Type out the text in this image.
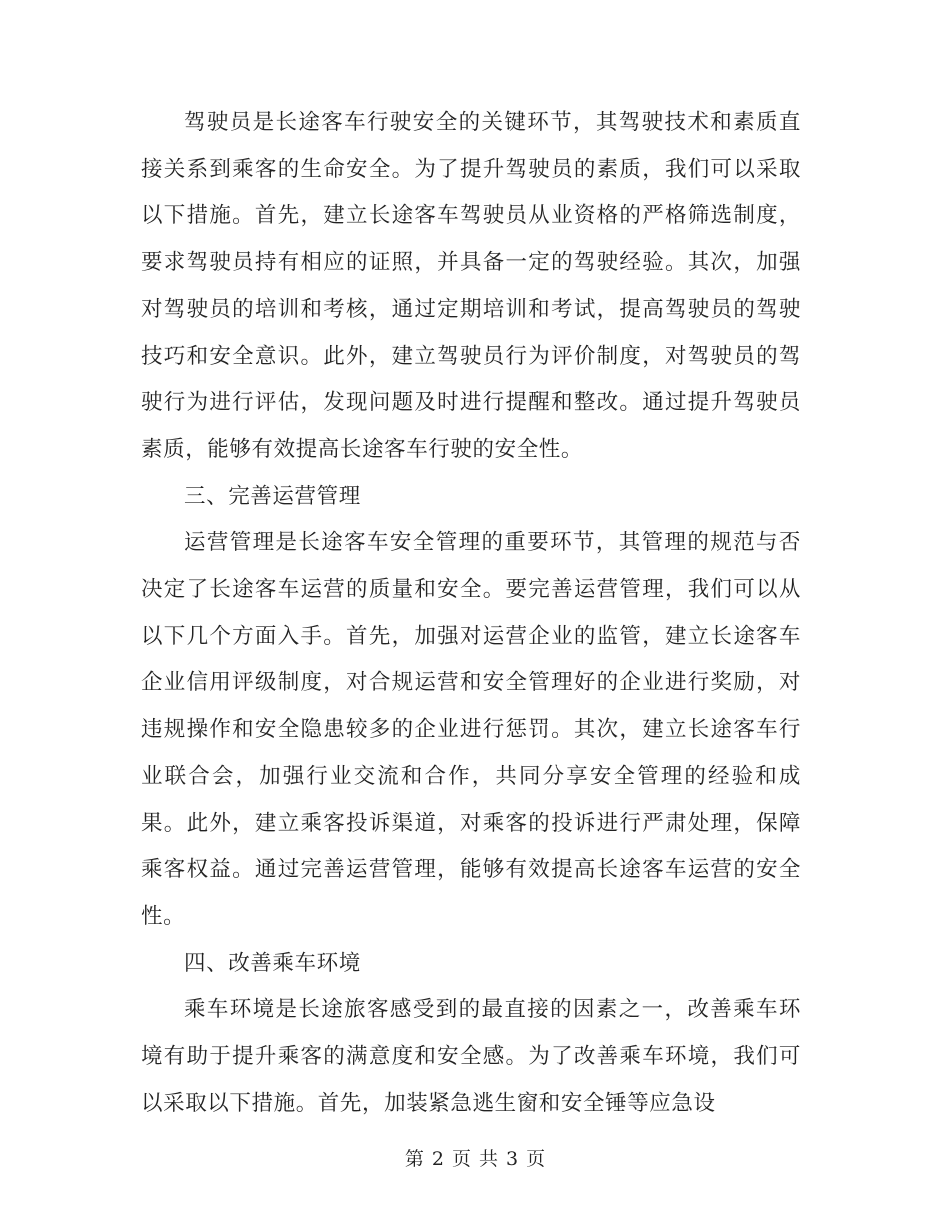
驾驶员是长途客车行驶安全的关键环节，其驾驶技术和素质直接关系到乘客的生命安全。为了提升驾驶员的素质，我们可以采取以下措施。首先，建立长途客车驾驶员从业资格的严格筛选制度，要求驾驶员持有相应的证照，并具备一定的驾驶经验。其次，加强对驾驶员的培训和考核，通过定期培训和考试，提高驾驶员的驾驶技巧和安全意识。此外，建立驾驶员行为评价制度，对驾驶员的驾驶行为进行评估，发现问题及时进行提醒和整改。通过提升驾驶员素质，能够有效提高长途客车行驶的安全性。

三、完善运营管理

运营管理是长途客车安全管理的重要环节，其管理的规范与否决定了长途客车运营的质量和安全。要完善运营管理，我们可以从以下几个方面入手。首先，加强对运营企业的监管，建立长途客车企业信用评级制度，对合规运营和安全管理好的企业进行奖励，对违规操作和安全隐患较多的企业进行惩罚。其次，建立长途客车行业联合会，加强行业交流和合作，共同分享安全管理的经验和成果。此外，建立乘客投诉渠道，对乘客的投诉进行严肃处理，保障乘客权益。通过完善运营管理，能够有效提高长途客车运营的安全性。

四、改善乘车环境

乘车环境是长途旅客感受到的最直接的因素之一，改善乘车环境有助于提升乘客的满意度和安全感。为了改善乘车环境，我们可以采取以下措施。首先，加装紧急逃生窗和安全锤等应急设

第 2 页 共 3 页
